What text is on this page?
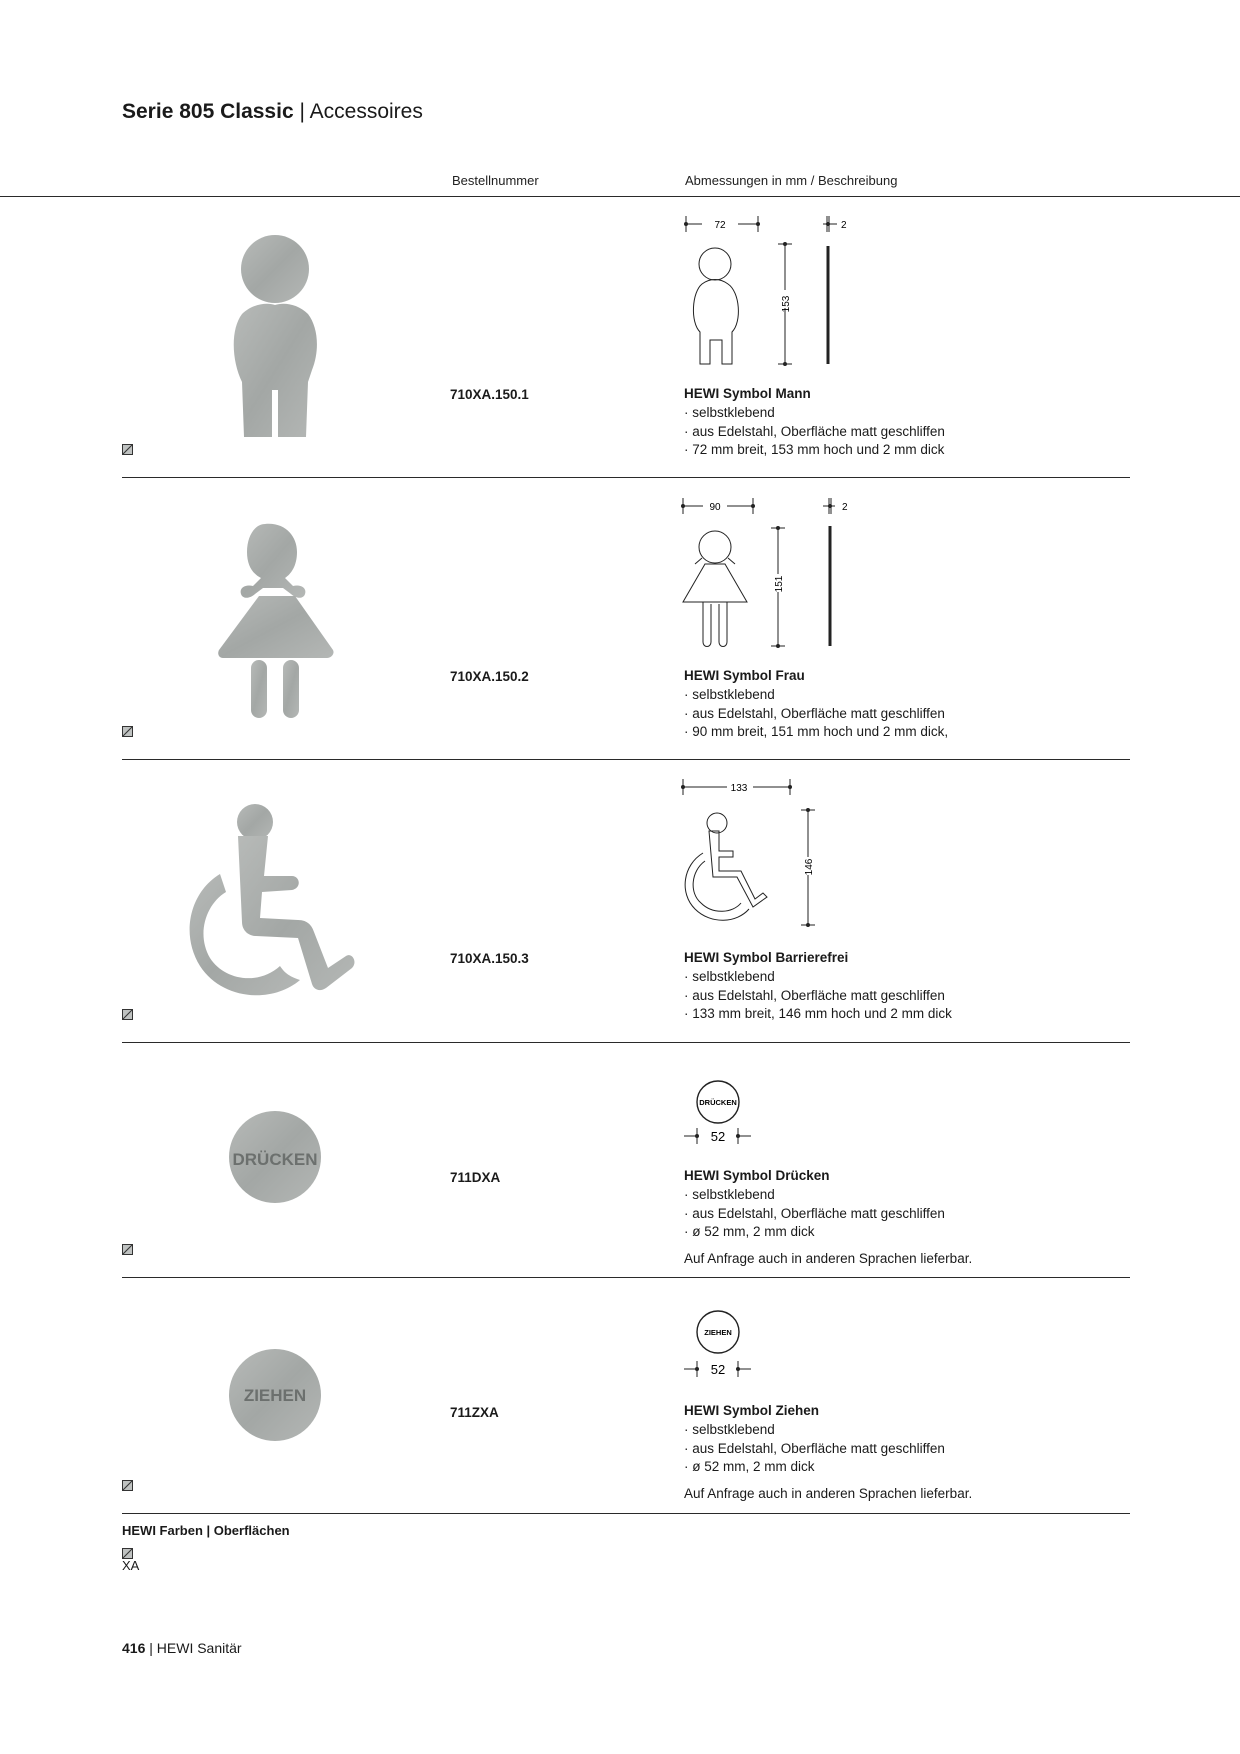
Serie 805 Classic | Accessoires
Bestellnummer	Abmessungen in mm / Beschreibung
72	2
153
710XA.150.1	HEWI Symbol Mann
· selbstklebend
· aus Edelstahl, Oberfläche matt geschliffen
· 72 mm breit, 153 mm hoch und 2 mm dick
90	2
151
710XA.150.2	HEWI Symbol Frau
· selbstklebend
· aus Edelstahl, Oberfläche matt geschliffen
· 90 mm breit, 151 mm hoch und 2 mm dick,
133
146
710XA.150.3	HEWI Symbol Barrierefrei
· selbstklebend
· aus Edelstahl, Oberfläche matt geschliffen
· 133 mm breit, 146 mm hoch und 2 mm dick
DRÜCKEN
DRÜCKEN
52
711DXA	HEWI Symbol Drücken
· selbstklebend
· aus Edelstahl, Oberfläche matt geschliffen
· ø 52 mm, 2 mm dick
Auf Anfrage auch in anderen Sprachen lieferbar.
ZIEHEN
ZIEHEN
52
711ZXA	HEWI Symbol Ziehen
· selbstklebend
· aus Edelstahl, Oberfläche matt geschliffen
· ø 52 mm, 2 mm dick
Auf Anfrage auch in anderen Sprachen lieferbar.
HEWI Farben | Oberflächen
XA
416 | HEWI Sanitär
